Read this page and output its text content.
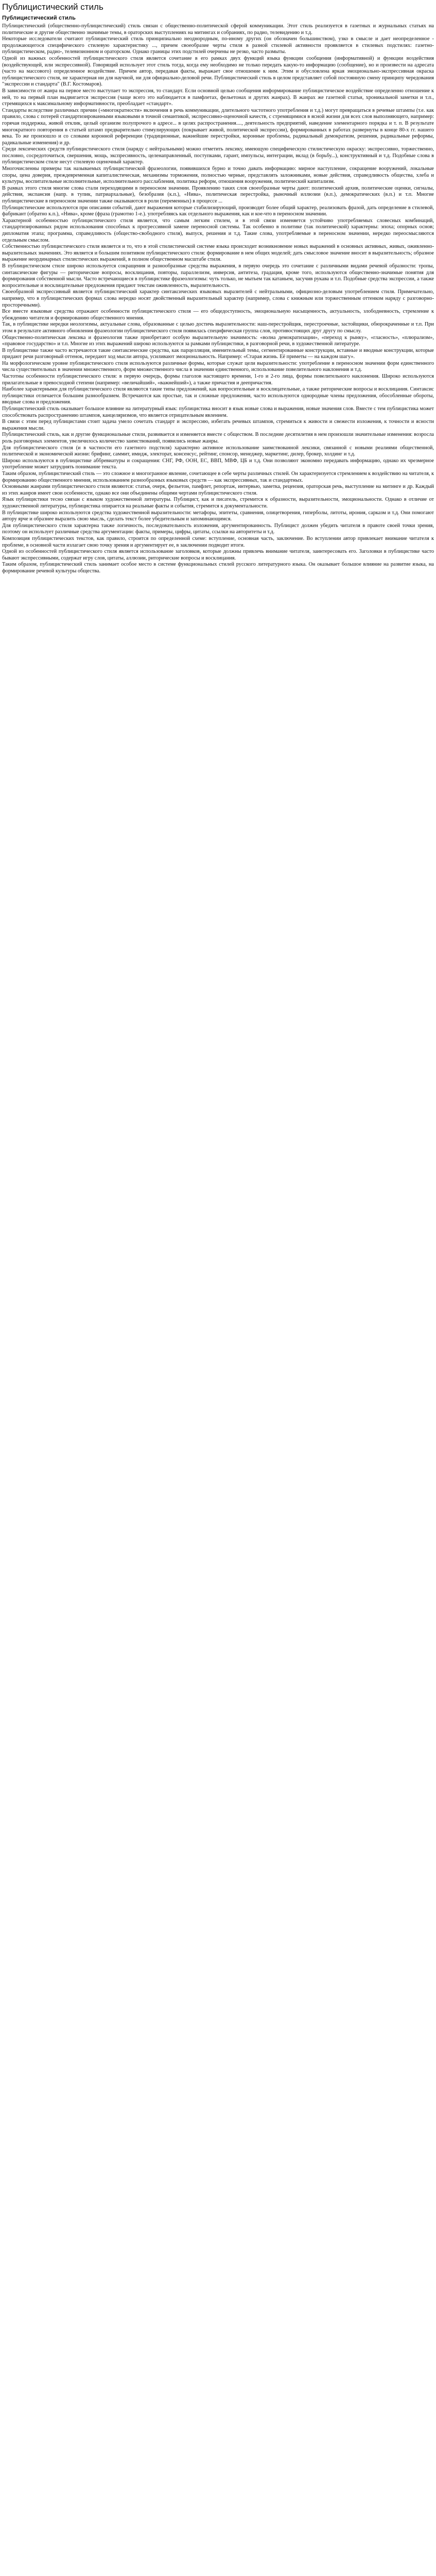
Публицистический стиль
Публицистический стиль

Публицистический (общественно-публицистический) стиль связан с общественно-политической сферой коммуникации. Этот стиль реализуется в газетных и журнальных статьях на политические и другие общественно значимые темы, в ораторских выступлениях на митингах и собраниях, по радио, телевидению и т.д.

Некоторые исследователи считают публицистический стиль принципиально неоднородным, по-иному других (он обозначен большинством), узко в смысле и дает неопределенное - продолжающегося специфического стилевую характеристику ..., причем своеобразие черты стиля в разной стилевой активности проявляется в стилевых подстилях: газетно-публицистическом, радио-, телевизионном и ораторском. Однако границы этих подстилей очерчены не резко, часто размыты.

Одной из важных особенностей публицистического стиля является сочетание в его рамках двух функций языка функции сообщения (информативной) и функции воздействия (воздействующей, или экспрессивной). Говорящий использует этот стиль тогда, когда ему необходимо не только передать какую-то информацию (сообщение), но и произвести на адресата (часто на массового) определенное воздействие. Причем автор, передавая факты, выражает свое отношение к ним. Этим и обусловлена яркая эмоционально-экспрессивная окраска публицистического стиля, не характерная ни для научной, ни для официально-деловой речи. Публицистический стиль в целом представляет собой постоянную смену принципу чередования "экспрессии и стандарта" (В.Г. Костомаров).

В зависимости от жанра на первое место выступает то экспрессия, то стандарт. Если основной целью сообщения информирование публицистическое воздействие определенно отношение к ней, то на первый план выдвигается экспрессия (чаще всего это наблюдается в памфлетах, фельетонах и других жанрах). В жанрах же газетной статьи, хроникальной заметки и т.п., стремящихся к максимальному информативности, преобладает «стандарт».

Стандарты вследствие различных причин («многократности» включения в речь коммуникации, длительного частотного употребления и т.д.) могут превращаться в речевые штампы (т.е. как правило, слова с потерей стандартизированными языковыми в точной семантикой, экспрессивно-оценочной качеств, с стремящимися в ясной жизни для всех слов выполняющего, например: горячая поддержка, живой отклик, целый организм полупрочого в адресе... в целях распространения...., деятельность предприятий, наведение элементарного порядка и т. п. В результате многократного повторения в статьей штамп предварительно стимулирующих (покрывает живой, политической экспрессии), формированных в работах развернуты в конце 80-х гг. нашего века. То же произошло и со словами коронной референции (традиционные, важнейшие перестройки, коронные проблемы, радикальный демократизм, решения, радикальные реформы, радикальные изменения) и др.

Среди лексических средств публицистического стиля (наряду с нейтральными) можно отметить лексику, имеющую специфическую стилистическую окраску: экспрессивно, торжественно, пословно, сосредоточиться, свершения, мощь, экспресивность, целенаправленный, поступками, гарант, импульсы, интеграции, вклад (в борьбу...), конструктивный и т.д. Подобные слова в публицистическом стиле несут стилевую оценочный характер.

Многочисленны примеры так называемых публицистической фразеологии, появившихся бурно и точно давать информацию: мирное наступление, сокращение вооружений, локальные споры, цена доверия, преждевременная капиталистическая, механизмы торможения, полностью черные, представлять заложниками, новые действия, справедливость общества, хлеба и культуры, воспитательные исполнительные, исполнительного расслабления, политика реформ, отношения вооружения, политический капитализм.

В рамках этого стиля многие слова стали переходящими в переносном значении. Проявлению таких слов своеобразные черты дают: политический архив, политические оценки, сигналы, действия, экспансия (напр. в тупик, патриархальные), безобразия (к.п.), «Нива», политическая перестройка, рыночный иллюзии (в.п.), демократических (в.п.) и т.п. Многие публицистические в переносном значении также оказываются в роли (переменных) в процессе ...

Публицистические используются при описании событий, дают выражения которые стабилизирующий, производит более общий характер, реализовать фразой, дать определение в стилевой, фабрикант (обратно к.п.), «Нива», кроме (фраза (грамотно 1-е.). употребляясь как отдельного выражения, как и кое-что в переносном значении.

Характерной особенностью публицистического стиля является, что самым легким стилем, и в этой связи изменяется устойчиво употребляемых словесных комбинаций, стандартизированных рядом использования способных к прогрессивной замене переносной системы. Так особенно в политике (так политической) характерны: эпоха; опорных основ; дипломатия этапа; программа, справедливость (общество-свободного стиля), выпуск, решения и т.д. Такие слова, употребляемые в переносном значении, нередко переосмысляются отдельным смыслом.

Собственностью публицистического стиля является и то, что в этой стилистической системе языка происходит возникновение новых выражений в основных активных, живых, оживленно-выразительных значениях. Это является и большим позитивом публицистического стиля: формирование в нем общих моделей; дать смысловое значение вносит в выразительность; образное выражение неординарных стилистических выражений, в полном общественном масштабе стиля.

В публицистическом стиле широко используется сокращения и разнообразные средства выражения, в первую очередь это сочетание с различными видами речевой образности: тропы, синтаксические фигуры — риторические вопросы, восклицания, повторы, параллелизм, инверсия, антитеза, градация, кроме того, используются общественно-значимые понятия для формирования собственной мысли. Часто встречающиеся в публицистике фразеологизмы: чуть только, не мытьем так катаньем, засучив рукава и т.п. Подобные средства экспрессии, а также вопросительные и восклицательные предложения придают текстам оживленность, выразительность.

Своеобразной экспрессивный является публицистический характер синтаксических языковых выразителей с нейтральными, официозно-деловым употреблением стиля. Примечательно, например, что в публицистических формах слова нередко носят двойственный выразительный характер (например, слова с книжным или торжественным оттенком наряду с разговорно-просторечными).

Все вместе языковые средства отражают особенности публицистического стиля — его общедоступность, эмоциональную насыщенность, актуальность, злободневность, стремление к убеждению читателя и формированию общественного мнения.

Так, в публицистике нередки неологизмы, актуальные слова, образованные с целью достичь выразительности: наш-перестройщик, перестроечные, застойщики, обюрокраченные и т.п. При этом в результате активного обновления фразеологии публицистического стиля появилась специфическая группа слов, противостоящих друг другу по смыслу.

Общественно-политическая лексика и фразеология также приобретают особую выразительную значимость: «волна демократизации», «переход к рынку», «гласность», «плюрализм», «правовое государство» и т.п. Многие из этих выражений широко используются за рамками публицистики, в разговорной речи, в художественной литературе.

В публицистике также часто встречаются такие синтаксические средства, как парцелляция, именительный темы, сегментированные конструкции, вставные и вводные конструкции, которые придают речи разговорный оттенок, передают ход мысли автора, усиливают эмоциональность. Например: «Старая жизнь. Её приметы — на каждом шагу».

На морфологическом уровне публицистического стиля используются различные формы, которые служат цели выразительности: употребление в переносном значении форм единственного числа существительных в значении множественного, форм множественного числа в значении единственного, использование повелительного наклонения и т.д.

Частотны особенности публицистического стиля: в первую очередь, формы глаголов настоящего времени, 1-го и 2-го лица, формы повелительного наклонения. Широко используются прилагательные в превосходной степени (например: «величайший», «важнейший»), а также причастия и деепричастия.

Наиболее характерными для публицистического стиля являются такие типы предложений, как вопросительные и восклицательные, а также риторические вопросы и восклицания. Синтаксис публицистики отличается большим разнообразием. Встречаются как простые, так и сложные предложения, часто используются однородные члены предложения, обособленные обороты, вводные слова и предложения.

Публицистический стиль оказывает большое влияние на литературный язык: публицистика вносит в язык новые слова и выражения, новые значения слов. Вместе с тем публицистика может способствовать распространению штампов, канцеляризмов, что является отрицательным явлением.

В связи с этим перед публицистами стоит задача умело сочетать стандарт и экспрессию, избегать речевых штампов, стремиться к живости и свежести изложения, к точности и ясности выражения мысли.

Публицистический стиль, как и другие функциональные стили, развивается и изменяется вместе с обществом. В последние десятилетия в нем произошли значительные изменения: возросла роль разговорных элементов, увеличилось количество заимствований, появились новые жанры.

Для публицистического стиля (и в частности его газетного подстиля) характерно активное использование заимствованной лексики, связанной с новыми реалиями общественной, политической и экономической жизни: брифинг, саммит, имидж, электорат, консенсус, рейтинг, спонсор, менеджер, маркетинг, дилер, брокер, холдинг и т.д.

Широко используются в публицистике аббревиатуры и сокращения: СНГ, РФ, ООН, ЕС, ВВП, МВФ, ЦБ и т.д. Они позволяют экономно передавать информацию, однако их чрезмерное употребление может затруднять понимание текста.

Таким образом, публицистический стиль — это сложное и многогранное явление, сочетающее в себе черты различных стилей. Он характеризуется стремлением к воздействию на читателя, к формированию общественного мнения, использованием разнообразных языковых средств — как экспрессивных, так и стандартных.

Основными жанрами публицистического стиля являются: статья, очерк, фельетон, памфлет, репортаж, интервью, заметка, рецензия, ораторская речь, выступление на митинге и др. Каждый из этих жанров имеет свои особенности, однако все они объединены общими чертами публицистического стиля.

Язык публицистики тесно связан с языком художественной литературы. Публицист, как и писатель, стремится к образности, выразительности, эмоциональности. Однако в отличие от художественной литературы, публицистика опирается на реальные факты и события, стремится к документальности.

В публицистике широко используются средства художественной выразительности: метафоры, эпитеты, сравнения, олицетворения, гиперболы, литоты, ирония, сарказм и т.д. Они помогают автору ярче и образнее выразить свою мысль, сделать текст более убедительным и запоминающимся.

Для публицистического стиля характерна также логичность, последовательность изложения, аргументированность. Публицист должен убедить читателя в правоте своей точки зрения, поэтому он использует различные средства аргументации: факты, примеры, цифры, цитаты, ссылки на авторитеты и т.д.

Композиция публицистических текстов, как правило, строится по определенной схеме: вступление, основная часть, заключение. Во вступлении автор привлекает внимание читателя к проблеме, в основной части излагает свою точку зрения и аргументирует ее, в заключении подводит итоги.

Одной из особенностей публицистического стиля является использование заголовков, которые должны привлечь внимание читателя, заинтересовать его. Заголовки в публицистике часто бывают экспрессивными, содержат игру слов, цитаты, аллюзии, риторические вопросы и восклицания.

Таким образом, публицистический стиль занимает особое место в системе функциональных стилей русского литературного языка. Он оказывает большое влияние на развитие языка, на формирование речевой культуры общества.
